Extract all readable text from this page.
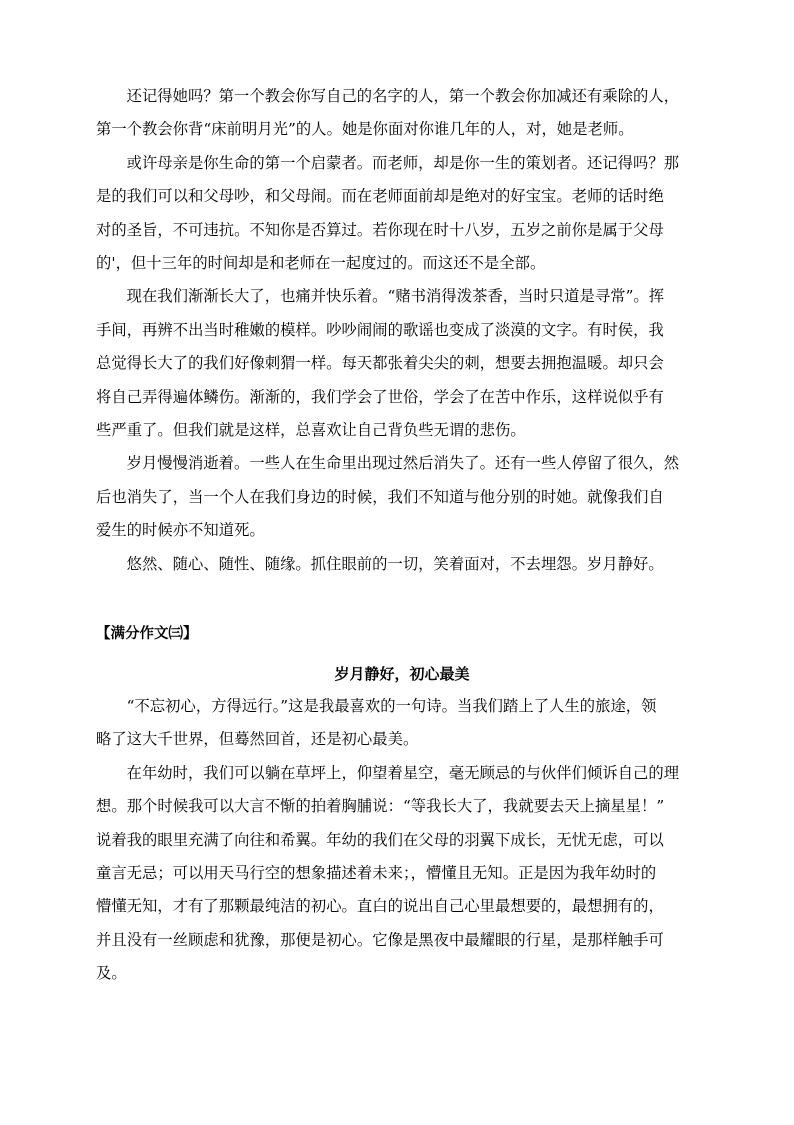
还记得她吗？第一个教会你写自己的名字的人，第一个教会你加减还有乘除的人，
第一个教会你背“床前明月光”的人。她是你面对你谁几年的人，对，她是老师。
或许母亲是你生命的第一个启蒙者。而老师，却是你一生的策划者。还记得吗？那
是的我们可以和父母吵，和父母闹。而在老师面前却是绝对的好宝宝。老师的话时绝
对的圣旨，不可违抗。不知你是否算过。若你现在时十八岁，五岁之前你是属于父母
的'，但十三年的时间却是和老师在一起度过的。而这还不是全部。
现在我们渐渐长大了，也痛并快乐着。“赌书消得泼茶香，当时只道是寻常”。挥
手间，再辨不出当时稚嫩的模样。吵吵闹闹的歌谣也变成了淡漠的文字。有时侯，我
总觉得长大了的我们好像刺猬一样。每天都张着尖尖的刺，想要去拥抱温暖。却只会
将自己弄得遍体鳞伤。渐渐的，我们学会了世俗，学会了在苦中作乐，这样说似乎有
些严重了。但我们就是这样，总喜欢让自己背负些无谓的悲伤。
岁月慢慢消逝着。一些人在生命里出现过然后消失了。还有一些人停留了很久，然
后也消失了，当一个人在我们身边的时候，我们不知道与他分别的时她。就像我们自
爱生的时候亦不知道死。
悠然、随心、随性、随缘。抓住眼前的一切，笑着面对，不去埋怨。岁月静好。
【满分作文㈢】
岁月静好，初心最美
“不忘初心，方得远行。”这是我最喜欢的一句诗。当我们踏上了人生的旅途，领
略了这大千世界，但蓦然回首，还是初心最美。
在年幼时，我们可以躺在草坪上，仰望着星空，毫无顾忌的与伙伴们倾诉自己的理
想。那个时候我可以大言不惭的拍着胸脯说：“等我长大了，我就要去天上摘星星！”
说着我的眼里充满了向往和希翼。年幼的我们在父母的羽翼下成长，无忧无虑，可以
童言无忌；可以用天马行空的想象描述着未来；，懵懂且无知。正是因为我年幼时的
懵懂无知，才有了那颗最纯洁的初心。直白的说出自己心里最想要的，最想拥有的，
并且没有一丝顾虑和犹豫，那便是初心。它像是黑夜中最耀眼的行星，是那样触手可
及。
